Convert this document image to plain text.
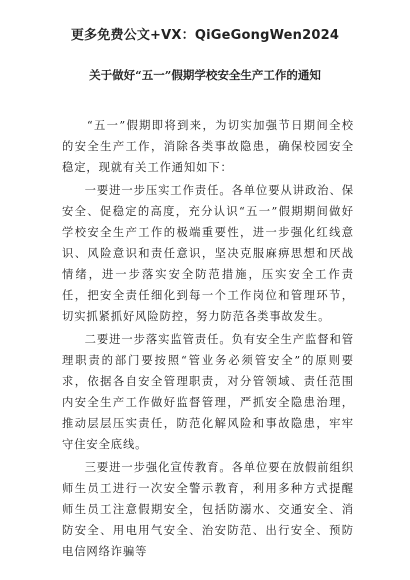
更多免费公文+VX：QiGeGongWen2024
关于做好“五一”假期学校安全生产工作的通知

“五一”假期即将到来，为切实加强节日期间全校的安全生产工作，消除各类事故隐患，确保校园安全稳定，现就有关工作通知如下：

一要进一步压实工作责任。各单位要从讲政治、保安全、促稳定的高度，充分认识“五一”假期期间做好学校安全生产工作的极端重要性，进一步强化红线意识、风险意识和责任意识，坚决克服麻痹思想和厌战情绪，进一步落实安全防范措施，压实安全工作责任，把安全责任细化到每一个工作岗位和管理环节，切实抓紧抓好风险防控，努力防范各类事故发生。

二要进一步落实监管责任。负有安全生产监督和管理职责的部门要按照“管业务必须管安全”的原则要求，依据各自安全管理职责，对分管领域、责任范围内安全生产工作做好监督管理，严抓安全隐患治理，推动层层压实责任，防范化解风险和事故隐患，牢牢守住安全底线。

三要进一步强化宣传教育。各单位要在放假前组织师生员工进行一次安全警示教育，利用多种方式提醒师生员工注意假期安全，包括防溺水、交通安全、消防安全、用电用气安全、治安防范、出行安全、预防电信网络诈骗等
